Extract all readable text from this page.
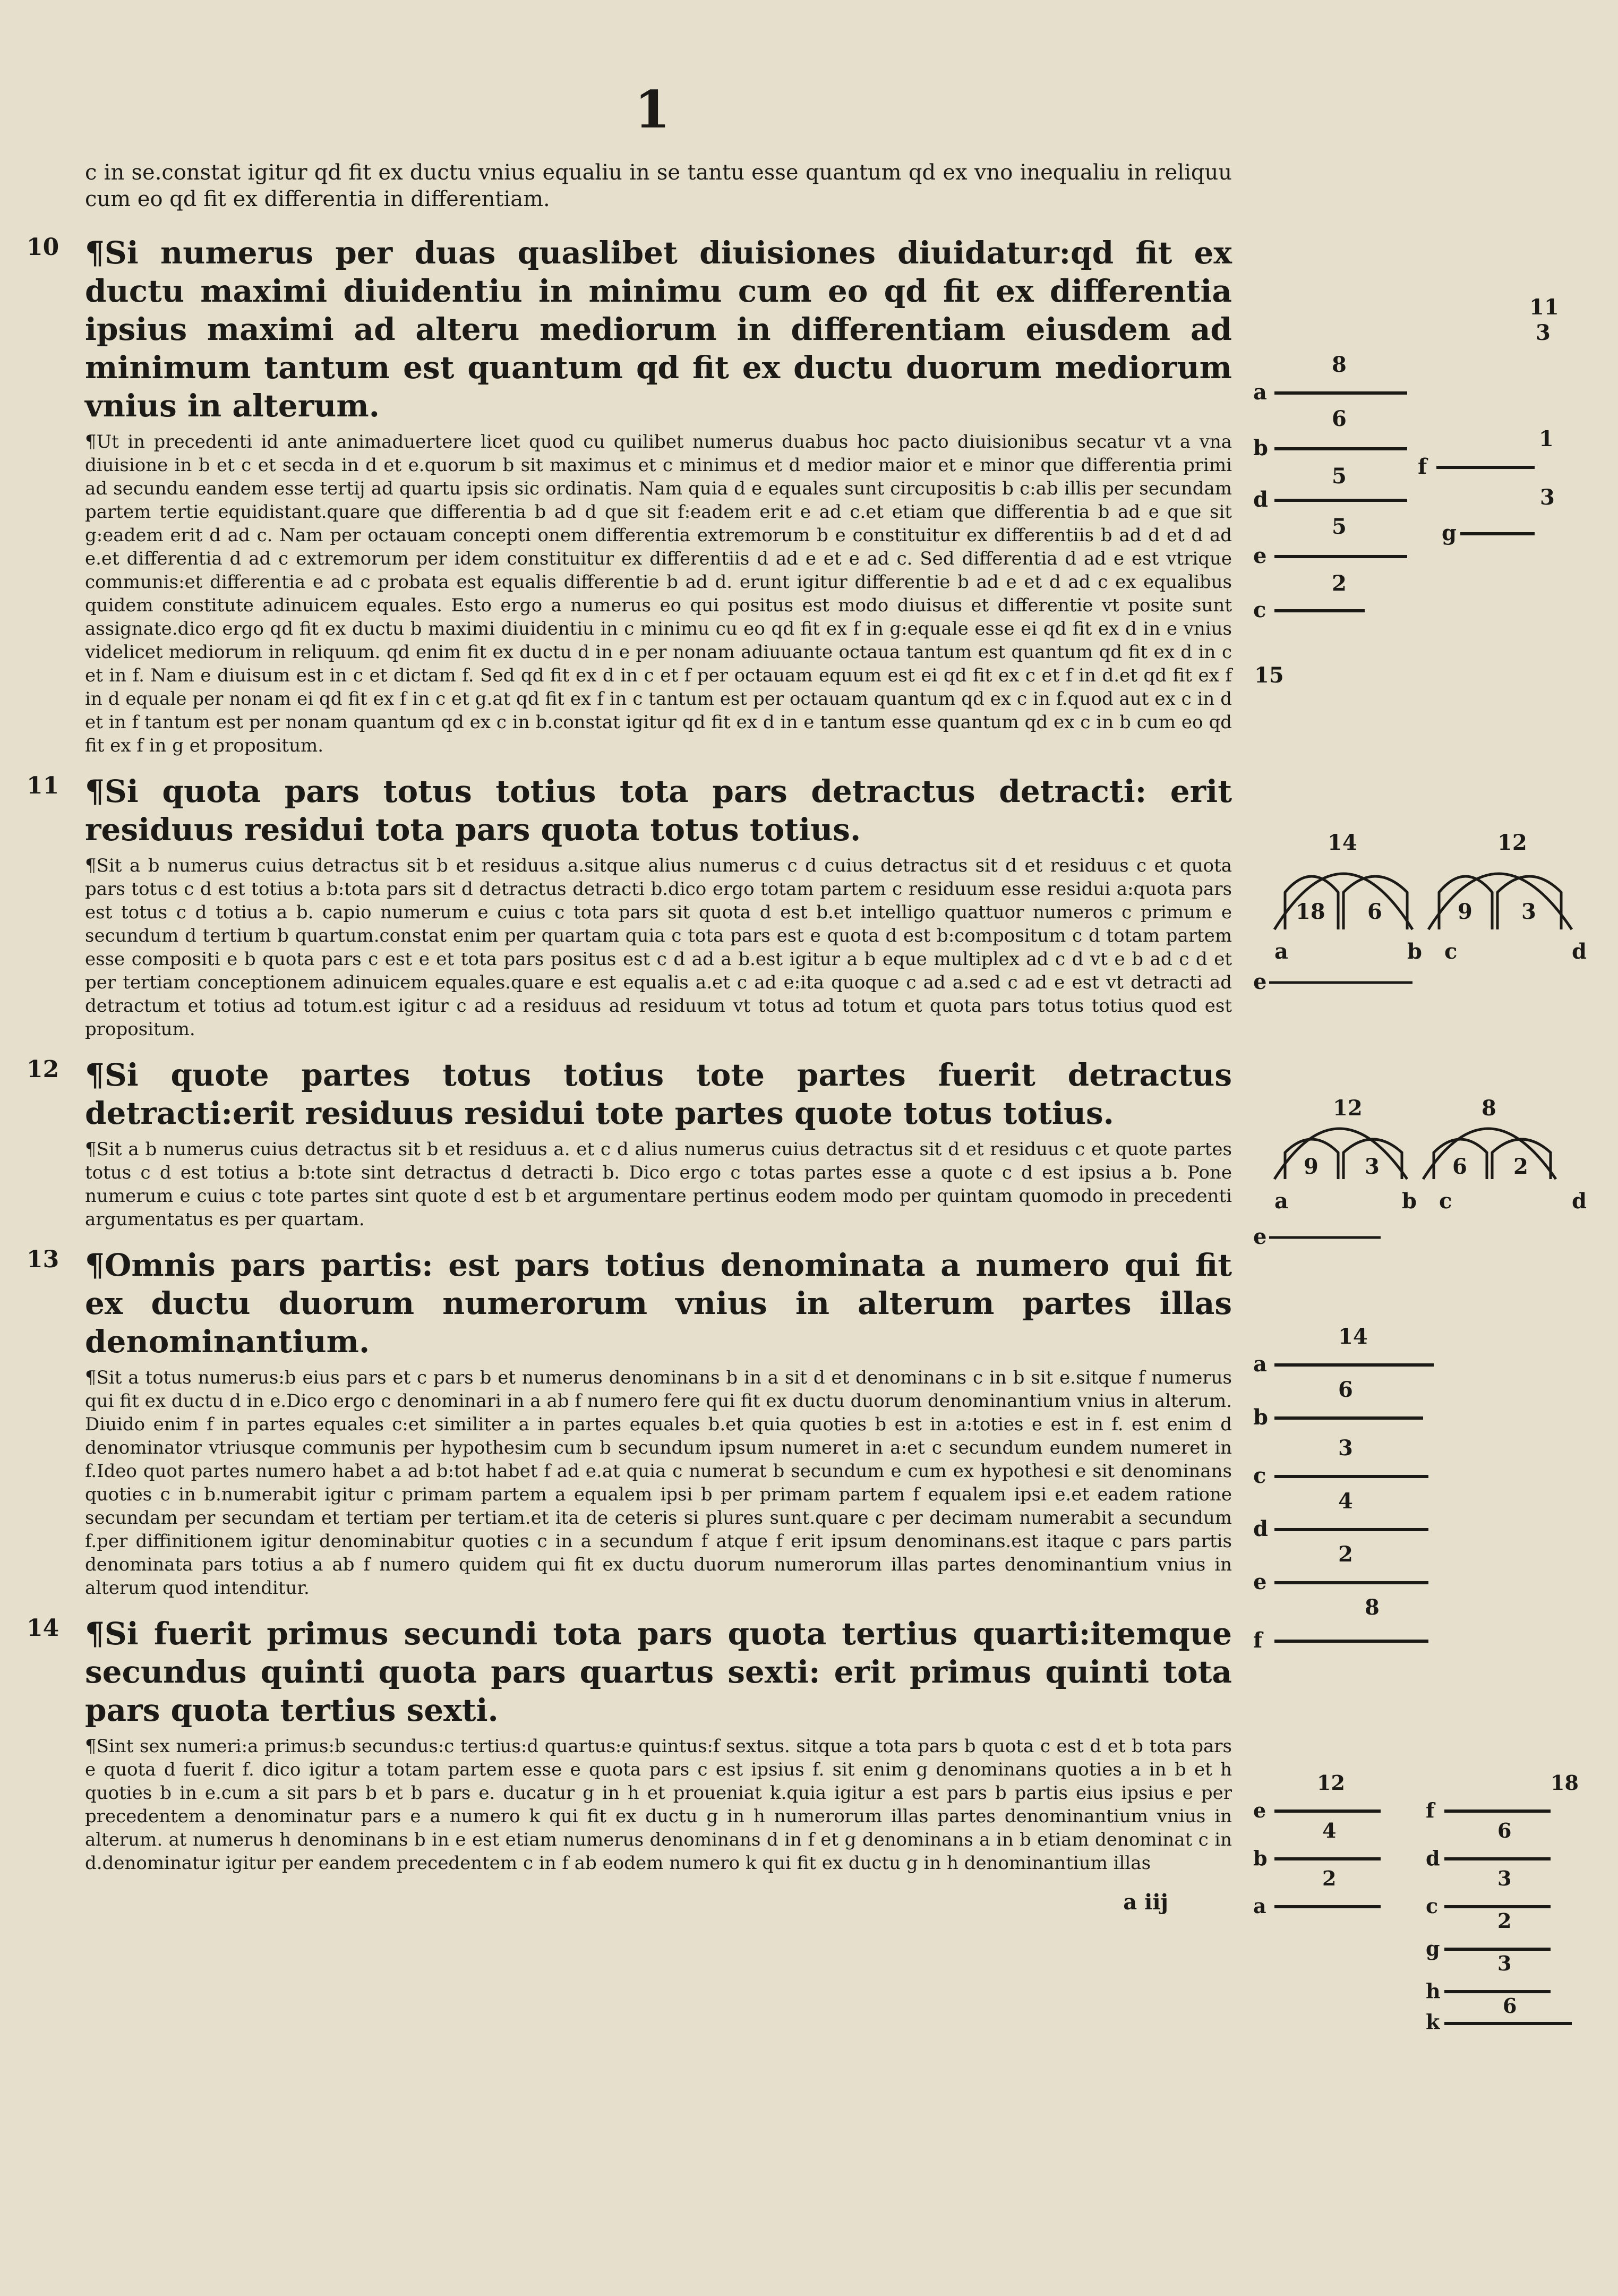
1

c in se.constat igitur qd fit ex ductu vnius equaliu in se tantu esse quantum qd ex vno inequaliu in reliquu cum eo qd fit ex differentia in differentiam.

10 ¶Si numerus per duas quaslibet diuisiones diuidatur:qd fit ex ductu maximi diuidentiu in minimu cum eo qd fit ex differentia ipsius maximi ad alteru mediorum in differentiam eiusdem ad minimum tantum est quantum qd fit ex ductu duorum mediorum vnius in alterum.

¶Ut in precedenti id ante animaduertere licet quod cu quilibet numerus duabus hoc pacto diuisionibus secatur vt a vna diuisione in b et c et secda in d et e.quorum b sit maximus et c minimus et d medior maior et e minor que differentia primi ad secundu eandem esse tertij ad quartu ipsis sic ordinatis. Nam quia d e equales sunt circupositis b c:ab illis per secundam partem tertie equidistant.quare que differentia b ad d que sit f:eadem erit e ad c.et etiam que differentia b ad e que sit g:eadem erit d ad c. Nam per octauam concepti onem differentia extremorum b e constituitur ex differentiis b ad d et d ad e.et differentia d ad c extremorum per idem constituitur ex differentiis d ad e et e ad c. Sed differentia d ad e est vtrique communis:et differentia e ad c probata est equalis differentie b ad d. erunt igitur differentie b ad e et d ad c ex equalibus quidem constitute adinuicem equales. Esto ergo a numerus eo qui positus est modo diuisus et differentie vt posite sunt assignate.dico ergo qd fit ex ductu b maximi diuidentiu in c minimu cu eo qd fit ex f in g:equale esse ei qd fit ex d in e vnius videlicet mediorum in reliquum. qd enim fit ex ductu d in e per nonam adiuuante octaua tantum est quantum qd fit ex d in c et in f. Nam e diuisum est in c et dictam f. Sed qd fit ex d in c et f per octauam equum est ei qd fit ex c et f in d.et qd fit ex f in d equale per nonam ei qd fit ex f in c et g.at qd fit ex f in c tantum est per octauam quantum qd ex c in f.quod aut ex c in d et in f tantum est per nonam quantum qd ex c in b.constat igitur qd fit ex d in e tantum esse quantum qd ex c in b cum eo qd fit ex f in g et propositum.

11 ¶Si quota pars totus totius tota pars detractus detracti: erit residuus residui tota pars quota totus totius.

¶Sit a b numerus cuius detractus sit b et residuus a.sitque alius numerus c d cuius detractus sit d et residuus c et quota pars totus c d est totius a b:tota pars sit d detractus detracti b.dico ergo totam partem c residuum esse residui a:quota pars est totus c d totius a b. capio numerum e cuius c tota pars sit quota d est b.et intelligo quattuor numeros c primum e secundum d tertium b quartum.constat enim per quartam quia c tota pars est e quota d est b:compositum c d totam partem esse compositi e b quota pars c est e et tota pars positus est c d ad a b.est igitur a b eque multiplex ad c d vt e b ad c d et per tertiam conceptionem adinuicem equales.quare e est equalis a.et c ad e:ita quoque c ad a.sed c ad e est vt detracti ad detractum et totius ad totum.est igitur c ad a residuus ad residuum vt totus ad totum et quota pars totus totius quod est propositum.

12 ¶Si quote partes totus totius tote partes fuerit detractus detracti:erit residuus residui tote partes quote totus totius.

¶Sit a b numerus cuius detractus sit b et residuus a. et c d alius numerus cuius detractus sit d et residuus c et quote partes totus c d est totius a b:tote sint detractus d detracti b. Dico ergo c totas partes esse a quote c d est ipsius a b. Pone numerum e cuius c tote partes sint quote d est b et argumentare pertinus eodem modo per quintam quomodo in precedenti argumentatus es per quartam.

13 ¶Omnis pars partis: est pars totius denominata a numero qui fit ex ductu duorum numerorum vnius in alterum partes illas denominantium.

¶Sit a totus numerus:b eius pars et c pars b et numerus denominans b in a sit d et denominans c in b sit e.sitque f numerus qui fit ex ductu d in e.Dico ergo c denominari in a ab f numero fere qui fit ex ductu duorum denominantium vnius in alterum. Diuido enim f in partes equales c:et similiter a in partes equales b.et quia quoties b est in a:toties e est in f. est enim d denominator vtriusque communis per hypothesim cum b secundum ipsum numeret in a:et c secundum eundem numeret in f.Ideo quot partes numero habet a ad b:tot habet f ad e.at quia c numerat b secundum e cum ex hypothesi e sit denominans quoties c in b.numerabit igitur c primam partem a equalem ipsi b per primam partem f equalem ipsi e.et eadem ratione secundam per secundam et tertiam per tertiam.et ita de ceteris si plures sunt.quare c per decimam numerabit a secundum f.per diffinitionem igitur denominabitur quoties c in a secundum f atque f erit ipsum denominans.est itaque c pars partis denominata pars totius a ab f numero quidem qui fit ex ductu duorum numerorum illas partes denominantium vnius in alterum quod intenditur.

14 ¶Si fuerit primus secundi tota pars quota tertius quarti:itemque secundus quinti quota pars quartus sexti: erit primus quinti tota pars quota tertius sexti.

¶Sint sex numeri:a primus:b secundus:c tertius:d quartus:e quintus:f sextus. sitque a tota pars b quota c est d et b tota pars e quota d fuerit f. dico igitur a totam partem esse e quota pars c est ipsius f. sit enim g denominans quoties a in b et h quoties b in e.cum a sit pars b et b pars e. ducatur g in h et proueniat k.quia igitur a est pars b partis eius ipsius e per precedentem a denominatur pars e a numero k qui fit ex ductu g in h numerorum illas partes denominantium vnius in alterum. at numerus h denominans b in e est etiam numerus denominans d in f et g denominans a in b etiam denominat c in d.denominatur igitur per eandem precedentem c in f ab eodem numero k qui fit ex ductu g in h denominantium illas

a iij
11
3
8
6
5
1
5
3
2
15
a
b
f
d
g
e
c
14	12
18 6	9 3
a	b c	d
e
12	8
9 3	6 2
a	b c	d
e
14
6
3
4
2
8
a
b
c
d
e
f
12	18
4	6
2	3
2
3
6
e	f
b	d
a	c
g
h
k
